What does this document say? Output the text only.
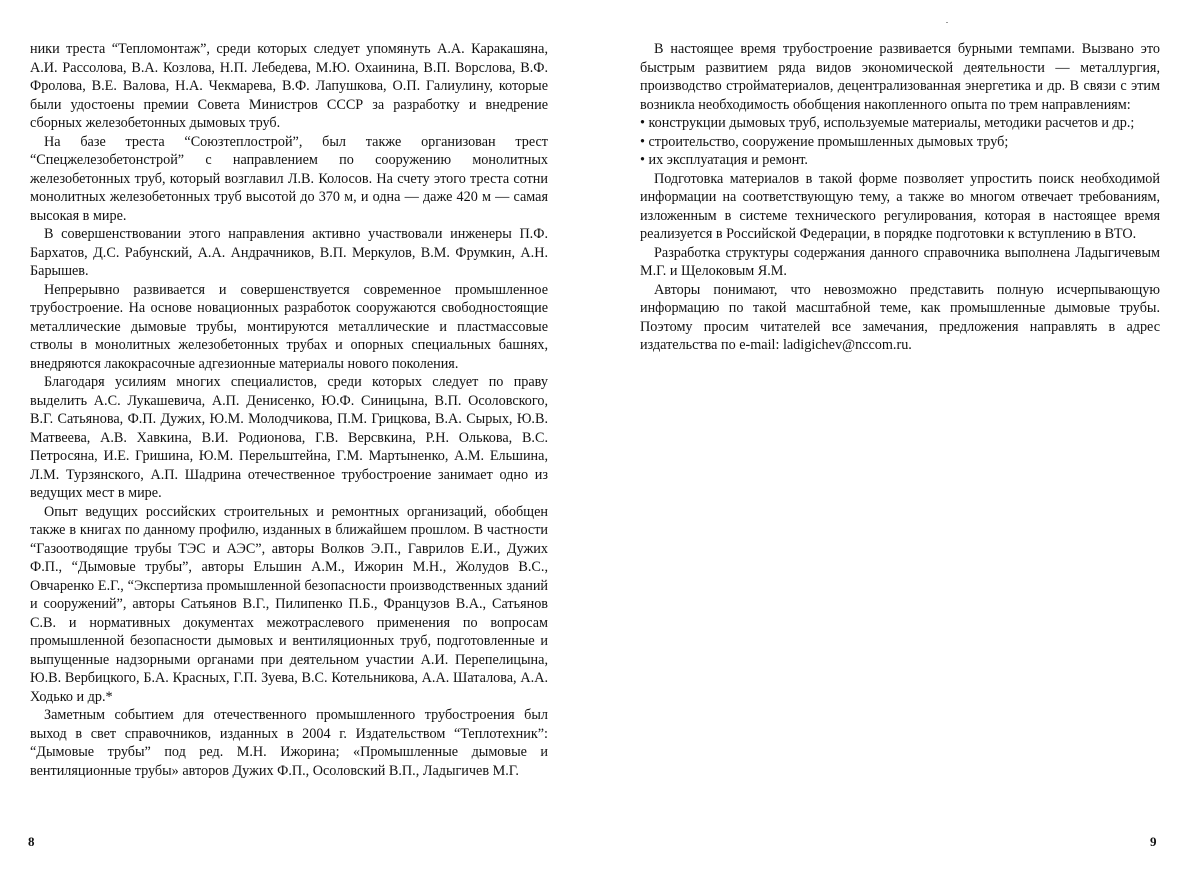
ники треста “Тепломонтаж”, среди которых следует упомянуть А.А. Каракашяна, А.И. Рассолова, В.А. Козлова, Н.П. Лебедева, М.Ю. Охаинина, В.П. Ворслова, В.Ф. Фролова, В.Е. Валова, Н.А. Чекмарева, В.Ф. Лапушкова, О.П. Галиулину, которые были удостоены премии Совета Министров СССР за разработку и внедрение сборных железобетонных дымовых труб.

На базе треста “Союзтеплострой”, был также организован трест “Спецжелезобетонстрой” с направлением по сооружению монолитных железобетонных труб, который возглавил Л.В. Колосов. На счету этого треста сотни монолитных железобетонных труб высотой до 370 м, и одна — даже 420 м — самая высокая в мире.

В совершенствовании этого направления активно участвовали инженеры П.Ф. Бархатов, Д.С. Рабунский, А.А. Андрачников, В.П. Меркулов, В.М. Фрумкин, А.Н. Барышев.

Непрерывно развивается и совершенствуется современное промышленное трубостроение. На основе новационных разработок сооружаются свободностоящие металлические дымовые трубы, монтируются металлические и пластмассовые стволы в монолитных железобетонных трубах и опорных специальных башнях, внедряются лакокрасочные адгезионные материалы нового поколения.

Благодаря усилиям многих специалистов, среди которых следует по праву выделить А.С. Лукашевича, А.П. Денисенко, Ю.Ф. Синицына, В.П. Осоловского, В.Г. Сатьянова, Ф.П. Дужих, Ю.М. Молодчикова, П.М. Грицкова, В.А. Сырых, Ю.В. Матвеева, А.В. Хавкина, В.И. Родионова, Г.В. Версвкина, Р.Н. Олькова, В.С. Петросяна, И.Е. Гришина, Ю.М. Перельштейна, Г.М. Мартыненко, А.М. Ельшина, Л.М. Турзянского, А.П. Шадрина отечественное трубостроение занимает одно из ведущих мест в мире.

Опыт ведущих российских строительных и ремонтных организаций, обобщен также в книгах по данному профилю, изданных в ближайшем прошлом. В частности “Газоотводящие трубы ТЭС и АЭС”, авторы Волков Э.П., Гаврилов Е.И., Дужих Ф.П., “Дымовые трубы”, авторы Ельшин А.М., Ижорин М.Н., Жолудов В.С., Овчаренко Е.Г., “Экспертиза промышленной безопасности производственных зданий и сооружений”, авторы Сатьянов В.Г., Пилипенко П.Б., Французов В.А., Сатьянов С.В. и нормативных документах межотраслевого применения по вопросам промышленной безопасности дымовых и вентиляционных труб, подготовленные и выпущенные надзорными органами при деятельном участии А.И. Перепелицына, Ю.В. Вербицкого, Б.А. Красных, Г.П. Зуева, В.С. Котельникова, А.А. Шаталова, А.А. Ходько и др.*

Заметным событием для отечественного промышленного трубостроения был выход в свет справочников, изданных в 2004 г. Издательством “Теплотехник”: “Дымовые трубы” под ред. М.Н. Ижорина; «Промышленные дымовые и вентиляционные трубы» авторов Дужих Ф.П., Осоловский В.П., Ладыгичев М.Г.

8

В настоящее время трубостроение развивается бурными темпами. Вызвано это быстрым развитием ряда видов экономической деятельности — металлургия, производство стройматериалов, децентрализованная энергетика и др. В связи с этим возникла необходимость обобщения накопленного опыта по трем направлениям:

• конструкции дымовых труб, используемые материалы, методики расчетов и др.;

• строительство, сооружение промышленных дымовых труб;

• их эксплуатация и ремонт.

Подготовка материалов в такой форме позволяет упростить поиск необходимой информации на соответствующую тему, а также во многом отвечает требованиям, изложенным в системе технического регулирования, которая в настоящее время реализуется в Российской Федерации, в порядке подготовки к вступлению в ВТО.

Разработка структуры содержания данного справочника выполнена Ладыгичевым М.Г. и Щелоковым Я.М.

Авторы понимают, что невозможно представить полную исчерпывающую информацию по такой масштабной теме, как промышленные дымовые трубы. Поэтому просим читателей все замечания, предложения направлять в адрес издательства по e-mail: ladigichev@nccom.ru.

9
